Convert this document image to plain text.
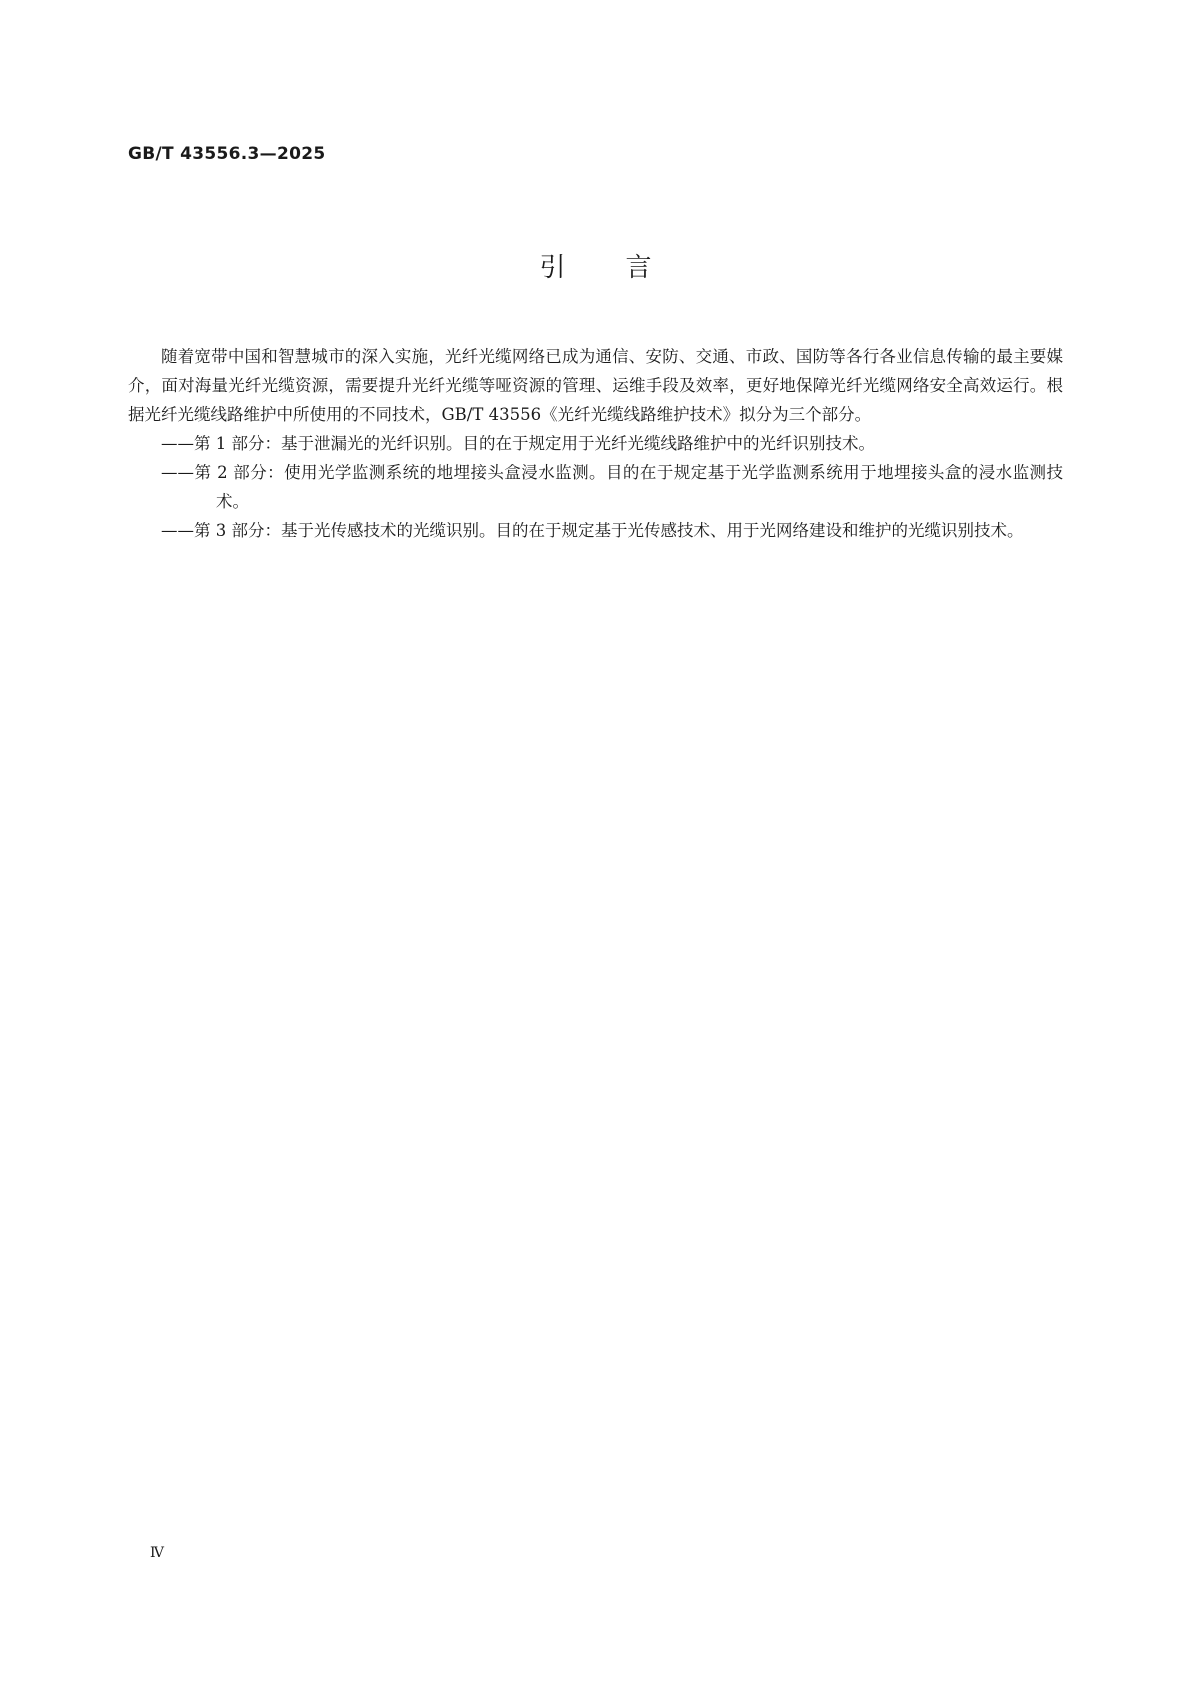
GB/T 43556.3—2025
引言

随着宽带中国和智慧城市的深入实施，光纤光缆网络已成为通信、安防、交通、市政、国防等各行各业信息传输的最主要媒介，面对海量光纤光缆资源，需要提升光纤光缆等哑资源的管理、运维手段及效率，更好地保障光纤光缆网络安全高效运行。根据光纤光缆线路维护中所使用的不同技术，GB/T 43556《光纤光缆线路维护技术》拟分为三个部分。

——第 1 部分：基于泄漏光的光纤识别。目的在于规定用于光纤光缆线路维护中的光纤识别技术。

——第 2 部分：使用光学监测系统的地埋接头盒浸水监测。目的在于规定基于光学监测系统用于地埋接头盒的浸水监测技术。

——第 3 部分：基于光传感技术的光缆识别。目的在于规定基于光传感技术、用于光网络建设和维护的光缆识别技术。

Ⅳ
